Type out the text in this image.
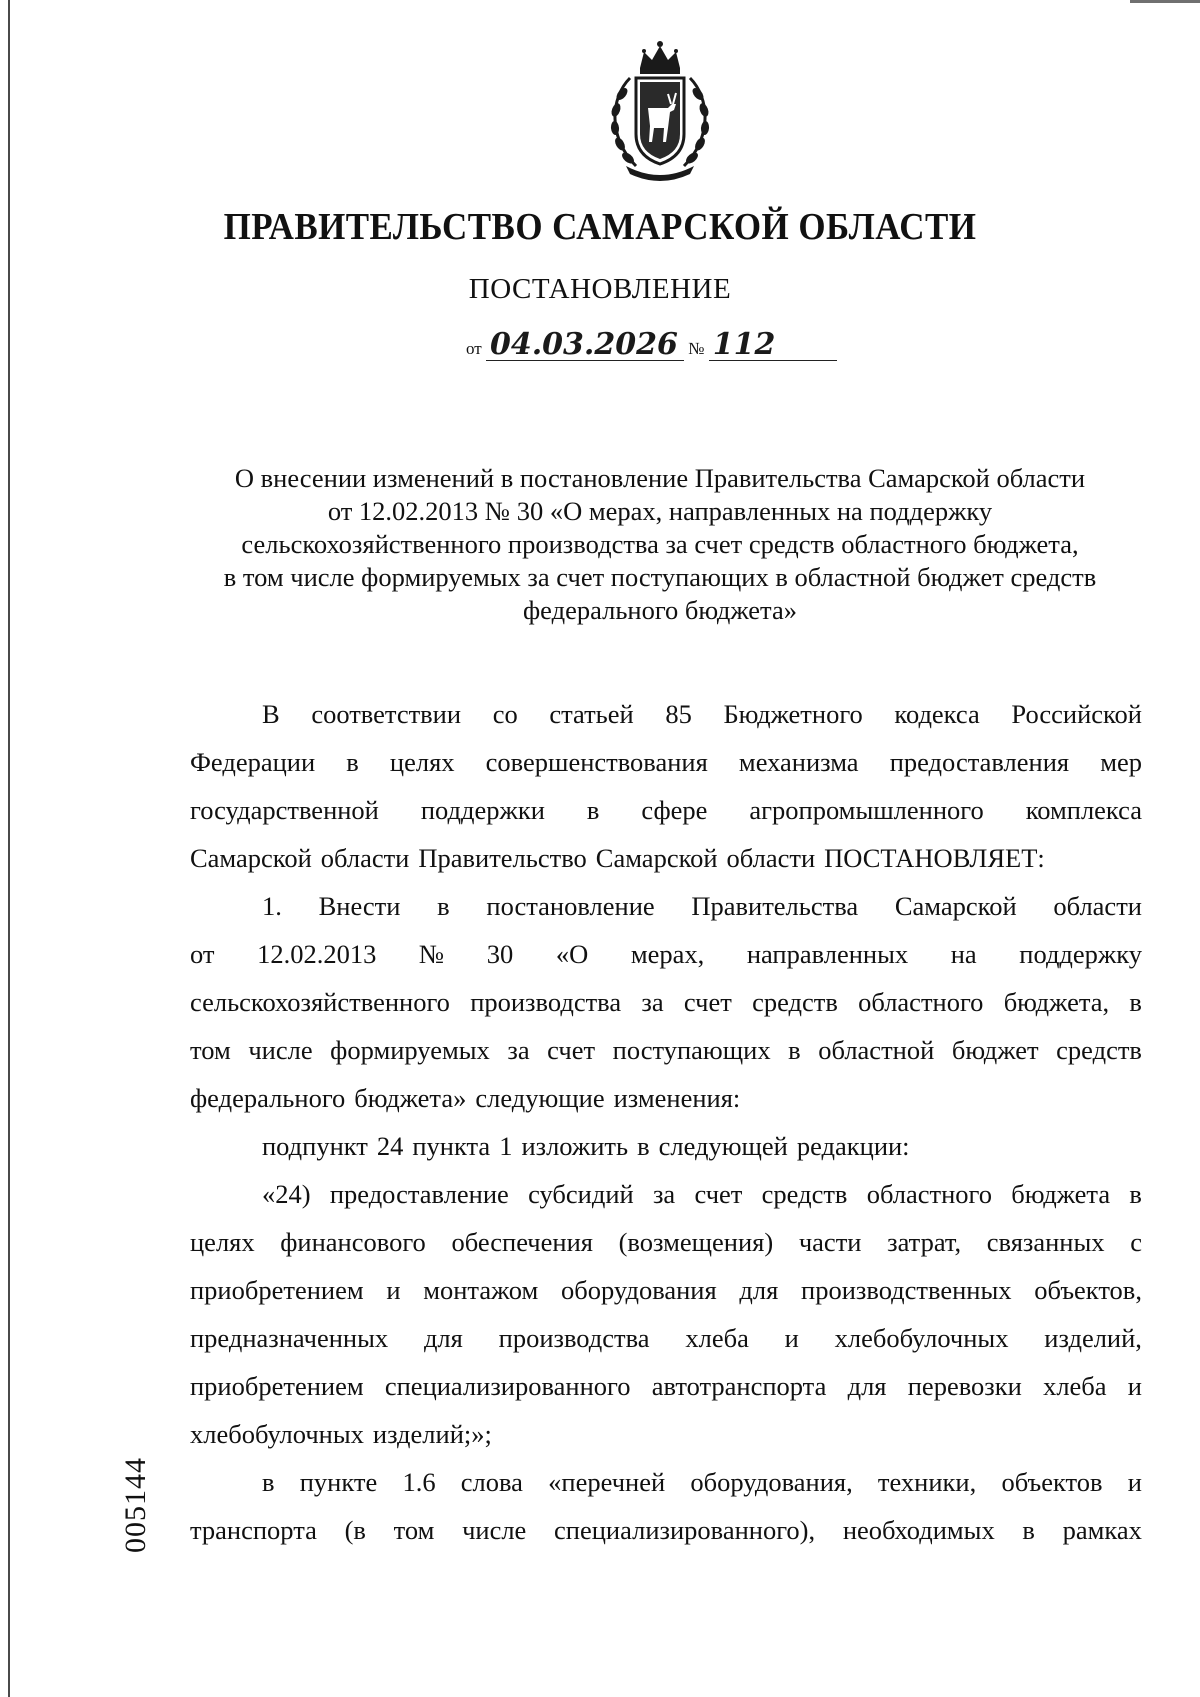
ПРАВИТЕЛЬСТВО САМАРСКОЙ ОБЛАСТИ
ПОСТАНОВЛЕНИЕ
от 04.03.2026 № 112
О внесении изменений в постановление Правительства Самарской области
от 12.02.2013 № 30 «О мерах, направленных на поддержку
сельскохозяйственного производства за счет средств областного бюджета,
в том числе формируемых за счет поступающих в областной бюджет средств
федерального бюджета»
В соответствии со статьей 85 Бюджетного кодекса Российской
Федерации в целях совершенствования механизма предоставления мер
государственной поддержки в сфере агропромышленного комплекса
Самарской области Правительство Самарской области ПОСТАНОВЛЯЕТ:
1. Внести в постановление Правительства Самарской области
от 12.02.2013 № 30 «О мерах, направленных на поддержку
сельскохозяйственного производства за счет средств областного бюджета, в
том числе формируемых за счет поступающих в областной бюджет средств
федерального бюджета» следующие изменения:
подпункт 24 пункта 1 изложить в следующей редакции:
«24) предоставление субсидий за счет средств областного бюджета в
целях финансового обеспечения (возмещения) части затрат, связанных с
приобретением и монтажом оборудования для производственных объектов,
предназначенных для производства хлеба и хлебобулочных изделий,
приобретением специализированного автотранспорта для перевозки хлеба и
хлебобулочных изделий;»;
в пункте 1.6 слова «перечней оборудования, техники, объектов и
транспорта (в том числе специализированного), необходимых в рамках
005144
